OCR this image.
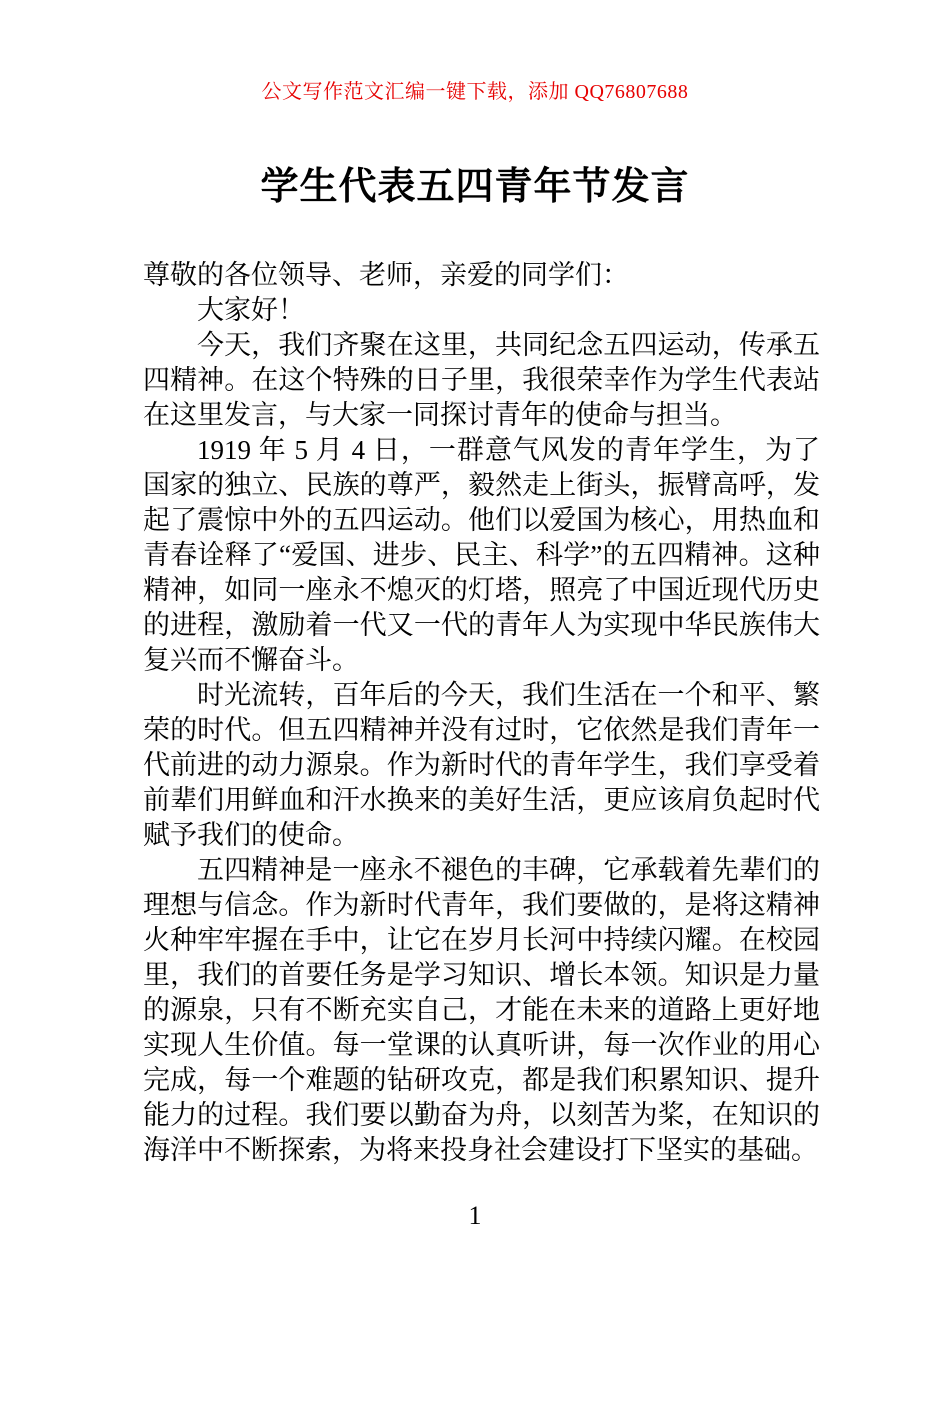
公文写作范文汇编一键下载，添加 QQ76807688
学生代表五四青年节发言

尊敬的各位领导、老师，亲爱的同学们：

大家好！

今天，我们齐聚在这里，共同纪念五四运动，传承五四精神。在这个特殊的日子里，我很荣幸作为学生代表站在这里发言，与大家一同探讨青年的使命与担当。

1919 年 5 月 4 日，一群意气风发的青年学生，为了国家的独立、民族的尊严，毅然走上街头，振臂高呼，发起了震惊中外的五四运动。他们以爱国为核心，用热血和青春诠释了“爱国、进步、民主、科学”的五四精神。这种精神，如同一座永不熄灭的灯塔，照亮了中国近现代历史的进程，激励着一代又一代的青年人为实现中华民族伟大复兴而不懈奋斗。

时光流转，百年后的今天，我们生活在一个和平、繁荣的时代。但五四精神并没有过时，它依然是我们青年一代前进的动力源泉。作为新时代的青年学生，我们享受着前辈们用鲜血和汗水换来的美好生活，更应该肩负起时代赋予我们的使命。

五四精神是一座永不褪色的丰碑，它承载着先辈们的理想与信念。作为新时代青年，我们要做的，是将这精神火种牢牢握在手中，让它在岁月长河中持续闪耀。在校园里，我们的首要任务是学习知识、增长本领。知识是力量的源泉，只有不断充实自己，才能在未来的道路上更好地实现人生价值。每一堂课的认真听讲，每一次作业的用心完成，每一个难题的钻研攻克，都是我们积累知识、提升能力的过程。我们要以勤奋为舟，以刻苦为桨，在知识的海洋中不断探索，为将来投身社会建设打下坚实的基础。

1
